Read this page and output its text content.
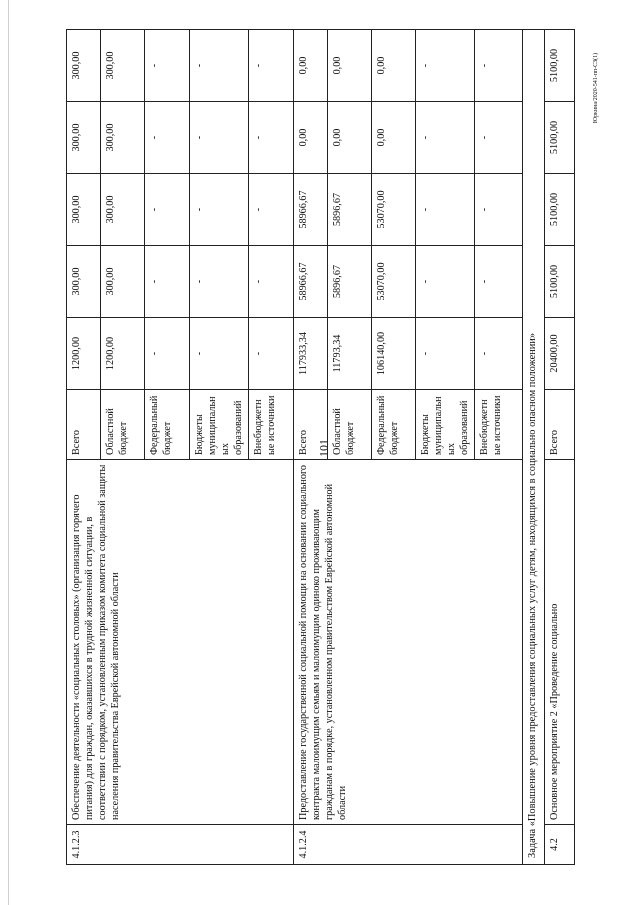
101
Юркина/2020-541-пп-СЗ(1)
4.1.2.3	Обеспечение деятельности «социальных столовых» (организация горячего питания) для граждан, оказавшихся в трудной жизненной ситуации, в соответствии с порядком, установленным приказом комитета социальной защиты населения правительства Еврейской автономной области	Всего	1200,00	300,00	300,00	300,00	300,00
		Областной бюджет	1200,00	300,00	300,00	300,00	300,00
		Федеральный бюджет	-	-	-	-	-
		Бюджеты муниципальных образований	-	-	-	-	-
		Внебюджетные источники	-	-	-	-	-
4.1.2.4	Предоставление государственной социальной помощи на основании социального контракта малоимущим семьям и малоимущим одиноко проживающим гражданам в порядке, установленном правительством Еврейской автономной области	Всего	117933,34	58966,67	58966,67	0,00	0,00
		Областной бюджет	11793,34	5896,67	5896,67	0,00	0,00
		Федеральный бюджет	106140,00	53070,00	53070,00	0,00	0,00
		Бюджеты муниципальных образований	-	-	-	-	-
		Внебюджетные источники	-	-	-	-	-
Задача «Повышение уровня предоставления социальных услуг детям, находящимся в социально опасном положении»							
4.2	Основное мероприятие 2 «Проведение социально	Всего	20400,00	5100,00	5100,00	5100,00	5100,00
